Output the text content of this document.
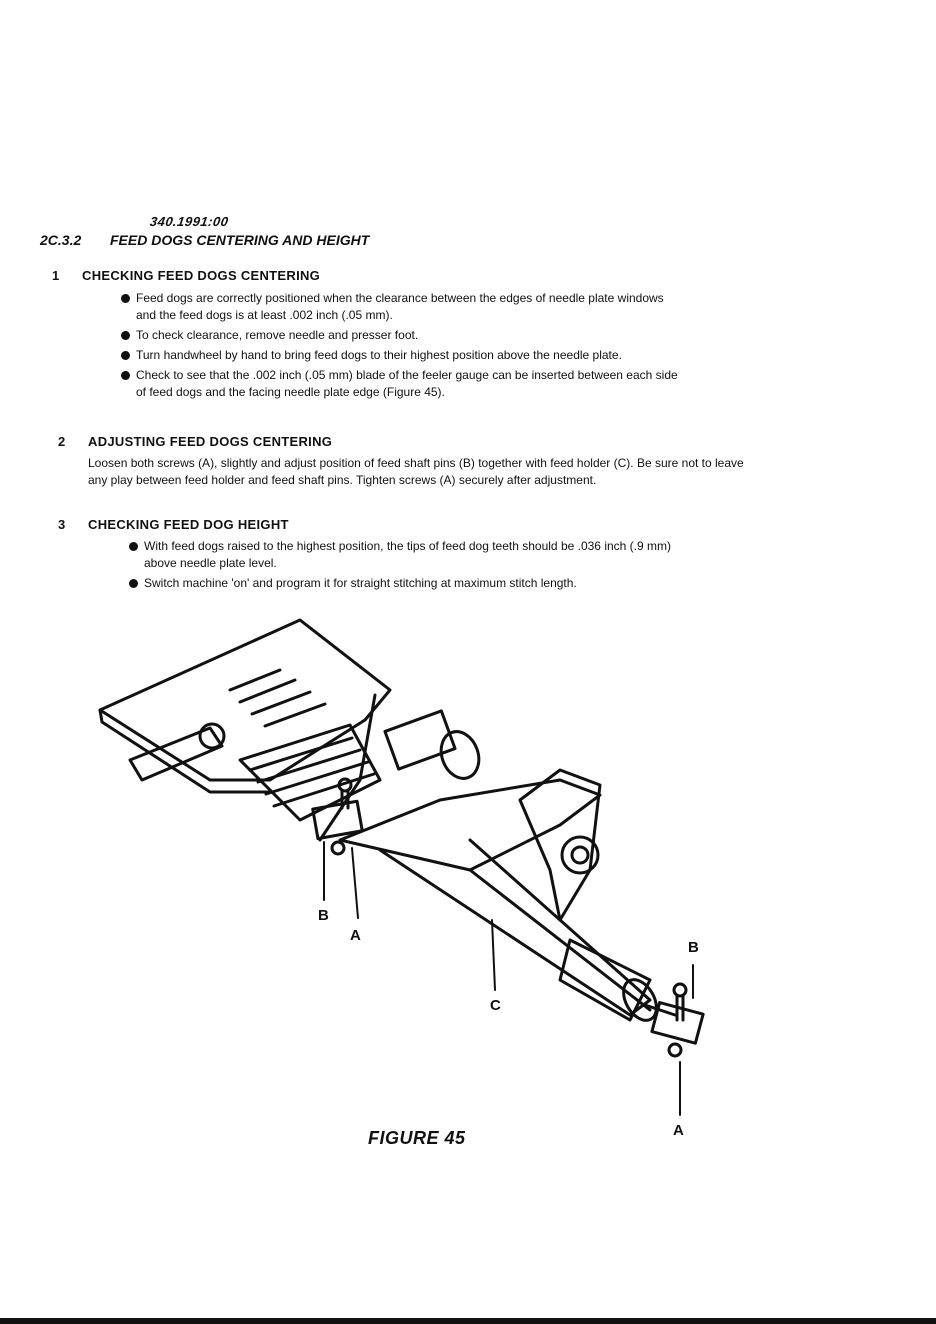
340.1991:00
2C.3.2 FEED DOGS CENTERING AND HEIGHT
1 CHECKING FEED DOGS CENTERING
Feed dogs are correctly positioned when the clearance between the edges of needle plate windows and the feed dogs is at least .002 inch (.05 mm).
To check clearance, remove needle and presser foot.
Turn handwheel by hand to bring feed dogs to their highest position above the needle plate.
Check to see that the .002 inch (.05 mm) blade of the feeler gauge can be inserted between each side of feed dogs and the facing needle plate edge (Figure 45).
2 ADJUSTING FEED DOGS CENTERING

Loosen both screws (A), slightly and adjust position of feed shaft pins (B) together with feed holder (C). Be sure not to leave any play between feed holder and feed shaft pins. Tighten screws (A) securely after adjustment.

3 CHECKING FEED DOG HEIGHT
With feed dogs raised to the highest position, the tips of feed dog teeth should be .036 inch (.9 mm) above needle plate level.
Switch machine 'on' and program it for straight stitching at maximum stitch length.
B
A
C
B
A
FIGURE 45
